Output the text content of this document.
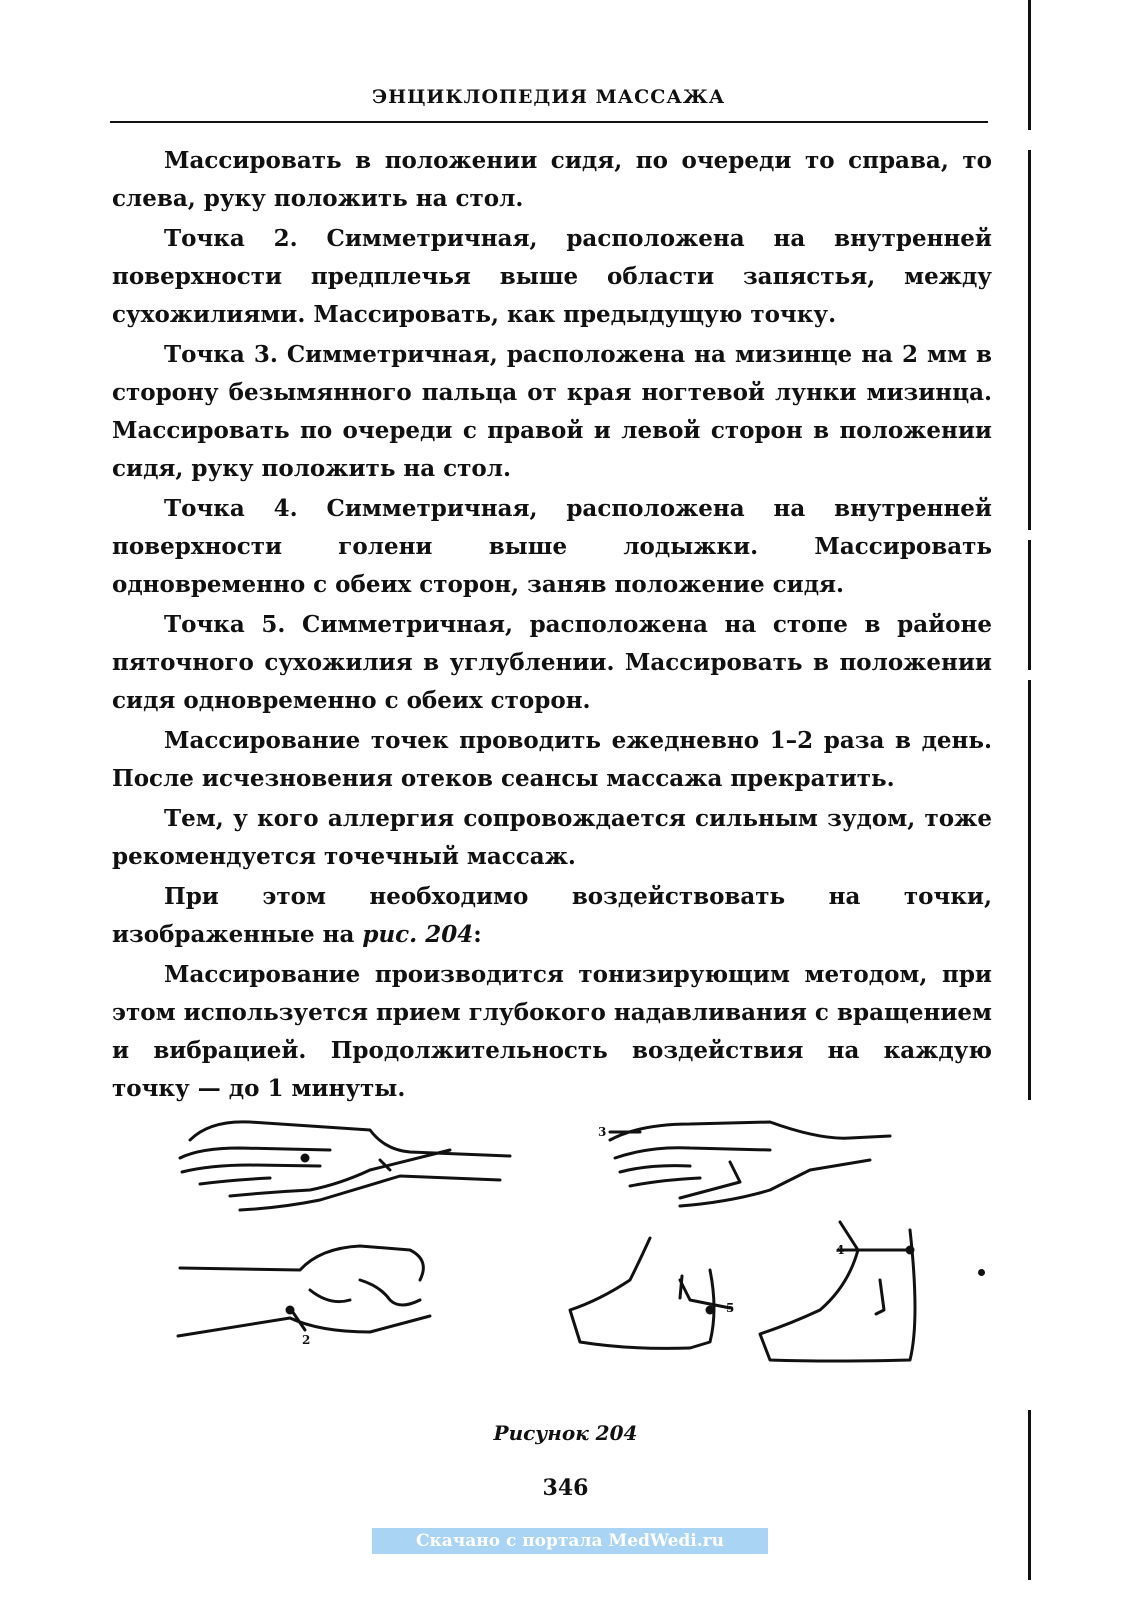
ЭНЦИКЛОПЕДИЯ МАССАЖА

Массировать в положении сидя, по очереди то справа, то слева, руку положить на стол.

Точка 2. Симметричная, расположена на внутренней поверхности предплечья выше области запястья, между сухожилиями. Массировать, как предыдущую точку.

Точка 3. Симметричная, расположена на мизинце на 2 мм в сторону безымянного пальца от края ногтевой лунки мизинца. Массировать по очереди с правой и левой сторон в положении сидя, руку положить на стол.

Точка 4. Симметричная, расположена на внутренней поверхности голени выше лодыжки. Массировать одновременно с обеих сторон, заняв положение сидя.

Точка 5. Симметричная, расположена на стопе в районе пяточного сухожилия в углублении. Массировать в положении сидя одновременно с обеих сторон.

Массирование точек проводить ежедневно 1–2 раза в день. После исчезновения отеков сеансы массажа прекратить.

Тем, у кого аллергия сопровождается сильным зудом, тоже рекомендуется точечный массаж.

При этом необходимо воздействовать на точки, изображенные на рис. 204:

Массирование производится тонизирующим методом, при этом используется прием глубокого надавливания с вращением и вибрацией. Продолжительность воздействия на каждую точку — до 1 минуты.

3
2
5
4
Рисунок 204
346
Скачано с портала MedWedi.ru
